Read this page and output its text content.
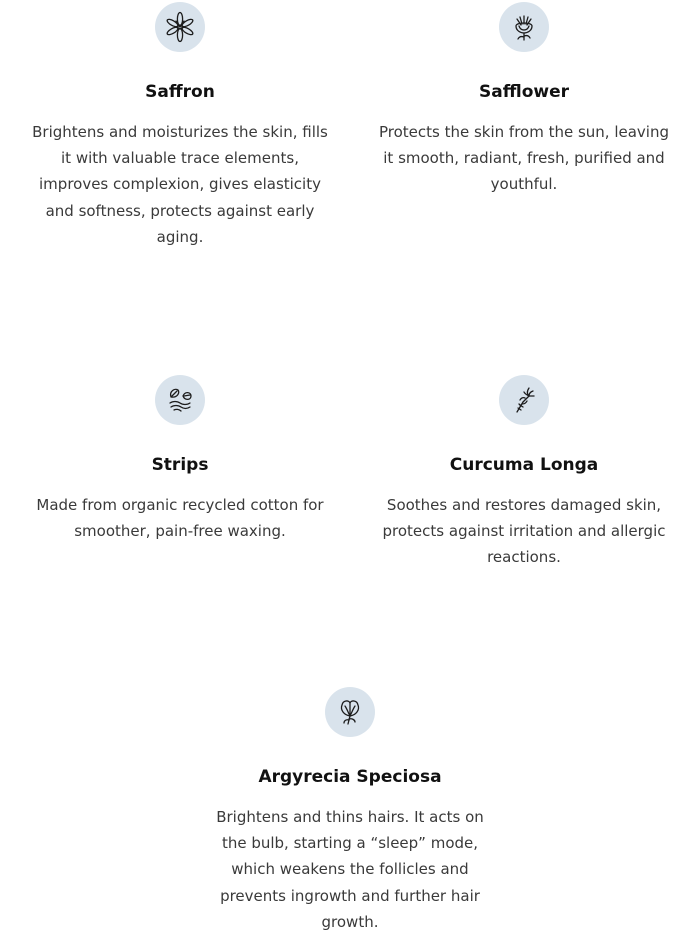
Saffron
Brightens and moisturizes the skin, fills it with valuable trace elements, improves complexion, gives elasticity and softness, protects against early aging.
Safflower
Protects the skin from the sun, leaving it smooth, radiant, fresh, purified and youthful.
Strips
Made from organic recycled cotton for smoother, pain-free waxing.
Curcuma Longa
Soothes and restores damaged skin, protects against irritation and allergic reactions.
Argyrecia Speciosa
Brightens and thins hairs. It acts on the bulb, starting a “sleep” mode, which weakens the follicles and prevents ingrowth and further hair growth.
